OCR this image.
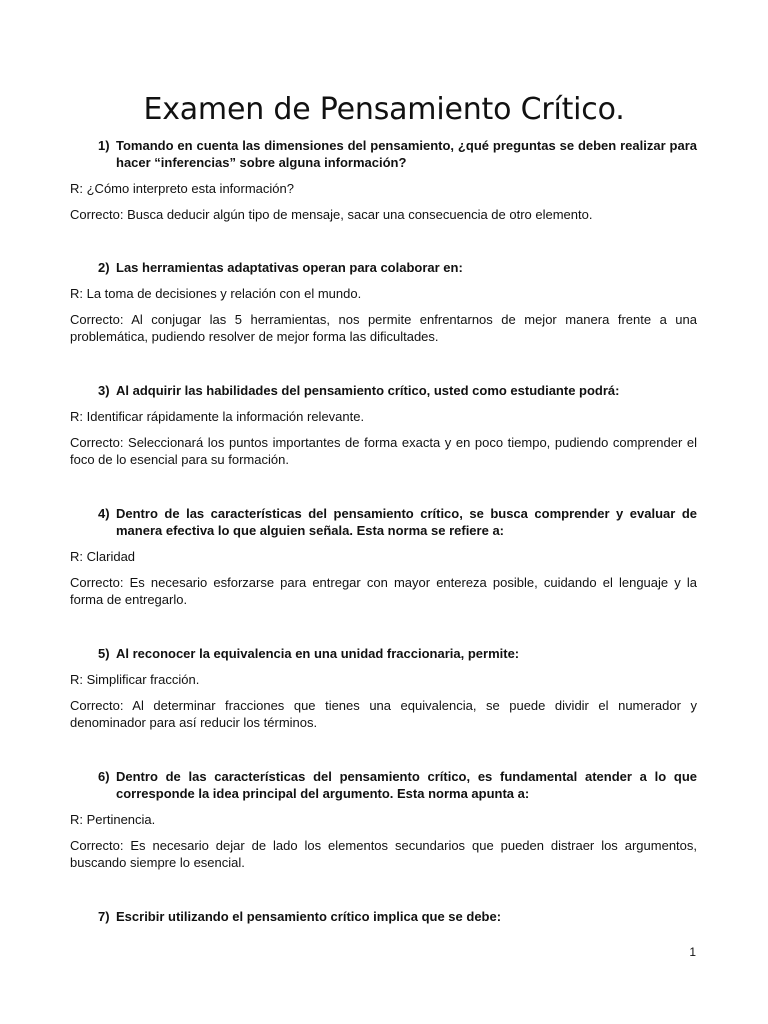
Examen de Pensamiento Crítico.
1) Tomando en cuenta las dimensiones del pensamiento, ¿qué preguntas se deben realizar para hacer “inferencias” sobre alguna información?
R: ¿Cómo interpreto esta información?
Correcto: Busca deducir algún tipo de mensaje, sacar una consecuencia de otro elemento.
2) Las herramientas adaptativas operan para colaborar en:
R: La toma de decisiones y relación con el mundo.
Correcto: Al conjugar las 5 herramientas, nos permite enfrentarnos de mejor manera frente a una problemática, pudiendo resolver de mejor forma las dificultades.
3) Al adquirir las habilidades del pensamiento crítico, usted como estudiante podrá:
R: Identificar rápidamente la información relevante.
Correcto: Seleccionará los puntos importantes de forma exacta y en poco tiempo, pudiendo comprender el foco de lo esencial para su formación.
4) Dentro de las características del pensamiento crítico, se busca comprender y evaluar de manera efectiva lo que alguien señala. Esta norma se refiere a:
R: Claridad
Correcto: Es necesario esforzarse para entregar con mayor entereza posible, cuidando el lenguaje y la forma de entregarlo.
5) Al reconocer la equivalencia en una unidad fraccionaria, permite:
R: Simplificar fracción.
Correcto: Al determinar fracciones que tienes una equivalencia, se puede dividir el numerador y denominador para así reducir los términos.
6) Dentro de las características del pensamiento crítico, es fundamental atender a lo que corresponde la idea principal del argumento. Esta norma apunta a:
R: Pertinencia.
Correcto: Es necesario dejar de lado los elementos secundarios que pueden distraer los argumentos, buscando siempre lo esencial.
7) Escribir utilizando el pensamiento crítico implica que se debe:
1
